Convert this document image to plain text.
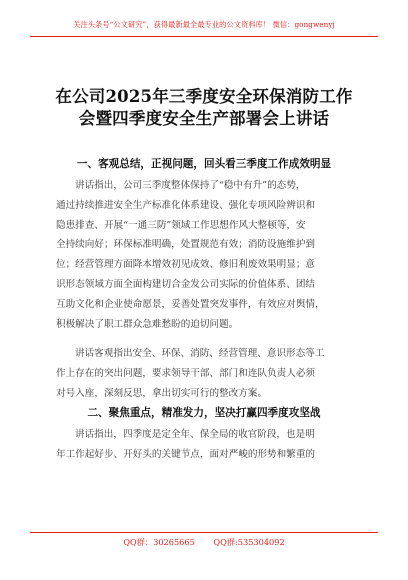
关注头条号“公文研究”，获得最新最全最专业的公文资料库！ 微信：gongwenyj
在公司2025年三季度安全环保消防工作
会暨四季度安全生产部署会上讲话
一、客观总结，正视问题，回头看三季度工作成效明显
讲话指出，公司三季度整体保持了“稳中有升”的态势，
通过持续推进安全生产标准化体系建设、强化专项风险辨识和
隐患排查、开展“一通三防”领域工作思想作风大整顿等，安
全持续向好；环保标准明确，处置规范有效；消防设施维护到
位；经营管理方面降本增效初见成效、修旧利废效果明显；意
识形态领域方面全面构建切合金发公司实际的价值体系、团结
互助文化和企业使命愿景，妥善处置突发事件，有效应对舆情，
积极解决了职工群众急难愁盼的迫切问题。
讲话客观指出安全、环保、消防、经营管理、意识形态等工
作上存在的突出问题，要求领导干部、部门和连队负责人必须
对号入座，深刻反思，拿出切实可行的整改方案。
二、聚焦重点，精准发力，坚决打赢四季度攻坚战
讲话指出，四季度是定全年、保全局的收官阶段，也是明
年工作起好步、开好头的关键节点，面对严峻的形势和繁重的
QQ群：30265665 QQ群:535304092
